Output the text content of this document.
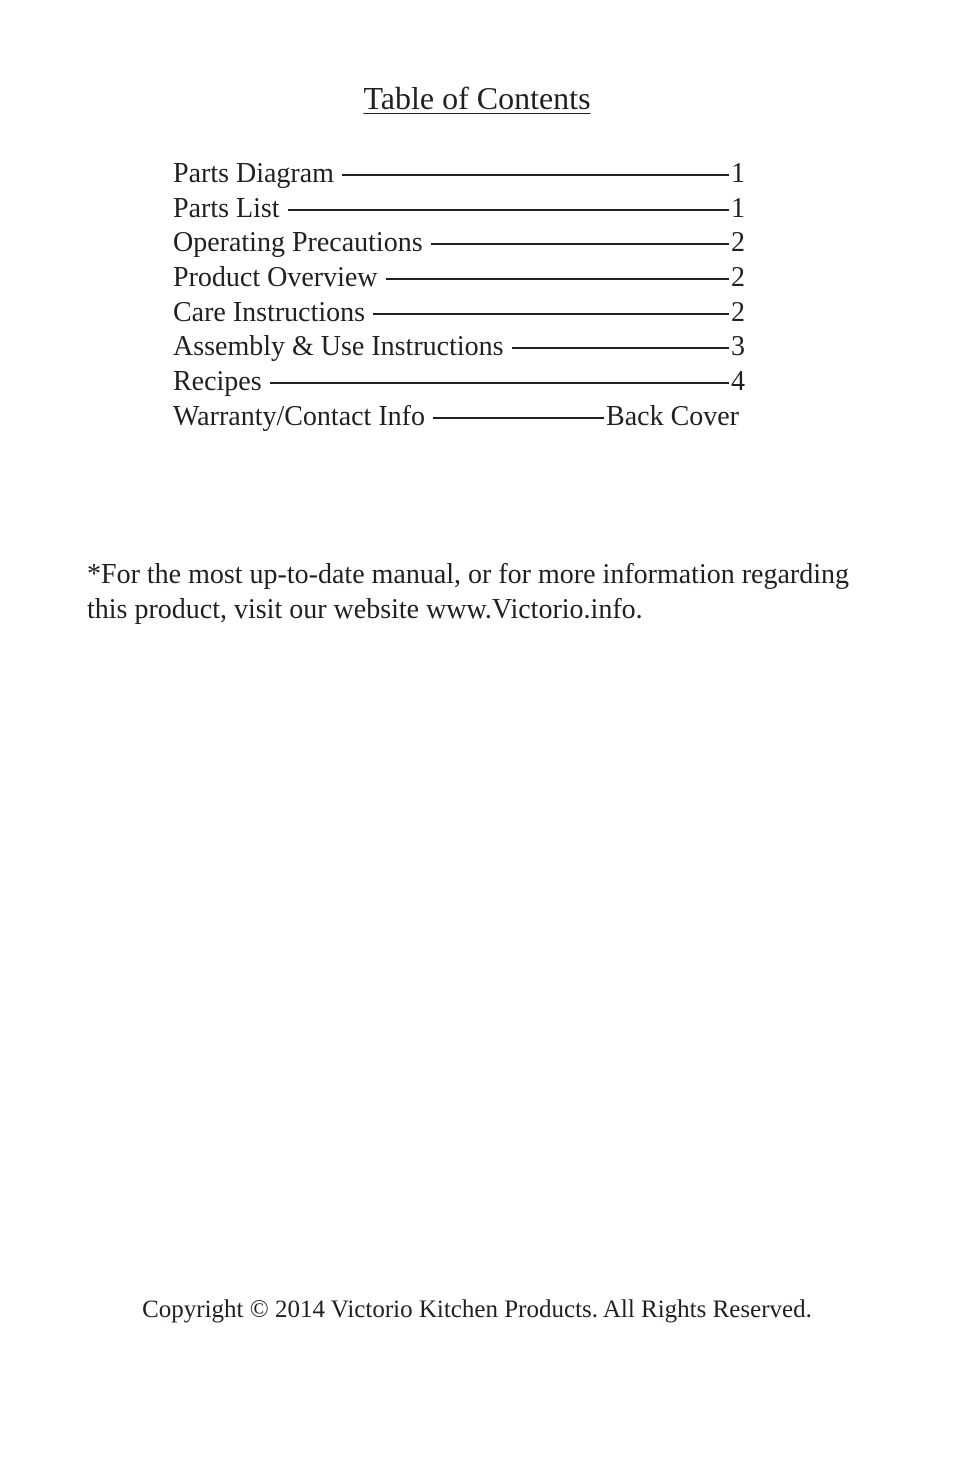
Table of Contents
Parts Diagram	1
Parts List	1
Operating Precautions	2
Product Overview	2
Care Instructions	2
Assembly & Use Instructions	3
Recipes	4
Warranty/Contact Info	Back Cover
*For the most up-to-date manual, or for more information regarding
this product, visit our website www.Victorio.info.
Copyright © 2014 Victorio Kitchen Products. All Rights Reserved.
